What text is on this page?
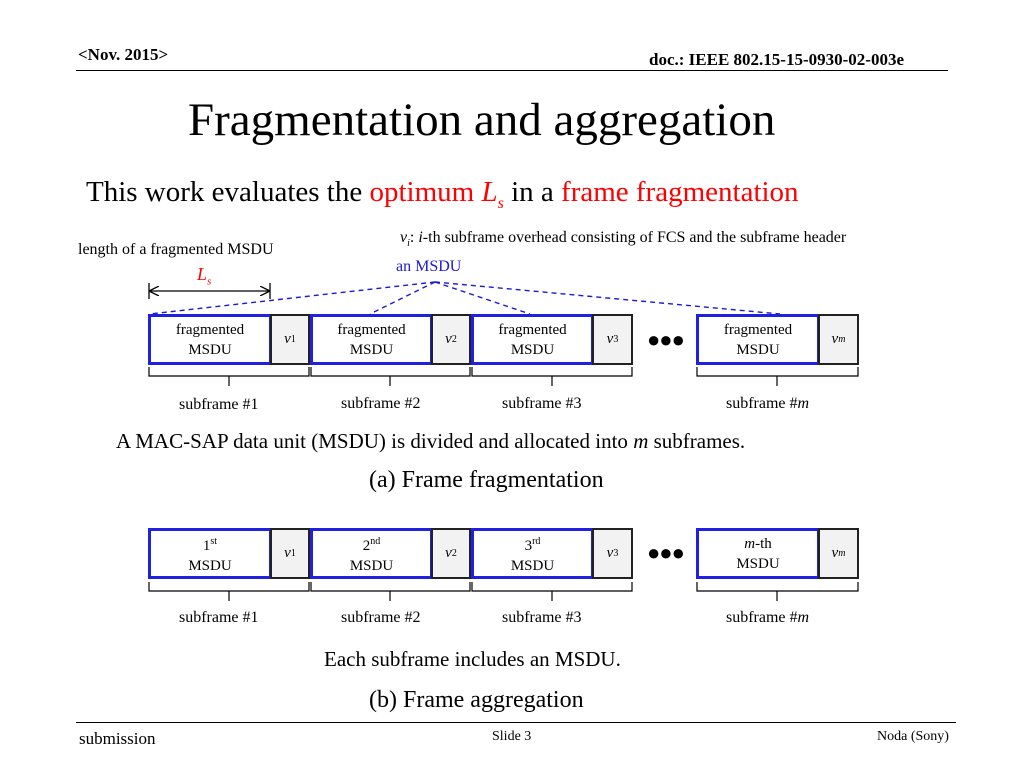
<Nov. 2015>	doc.: IEEE 802.15-15-0930-02-003e
Fragmentation and aggregation
This work evaluates the optimum $L_s$ in a frame fragmentation
$v_i$: i-th subframe overhead consisting of FCS and the subframe header
length of a fragmented MSDU
$L_s$
an MSDU
fragmented
MSDU
v 1
fragmented
MSDU
v 2
fragmented
MSDU
v 3 ●●●	fragmented
MSDU
v m
subframe #1	subframe #2	subframe #3	subframe #m
A MAC-SAP data unit (MSDU) is divided and allocated into m subframes.
(a) Frame fragmentation
1st
MSDU
v 1	2nd
MSDU
v 2	3rd
MSDU
v 3 ●●●	m-th
MSDU
v m
subframe #1	subframe #2	subframe #3	subframe #m
Each subframe includes an MSDU.
(b) Frame aggregation
submission	Slide 3	Noda (Sony)
